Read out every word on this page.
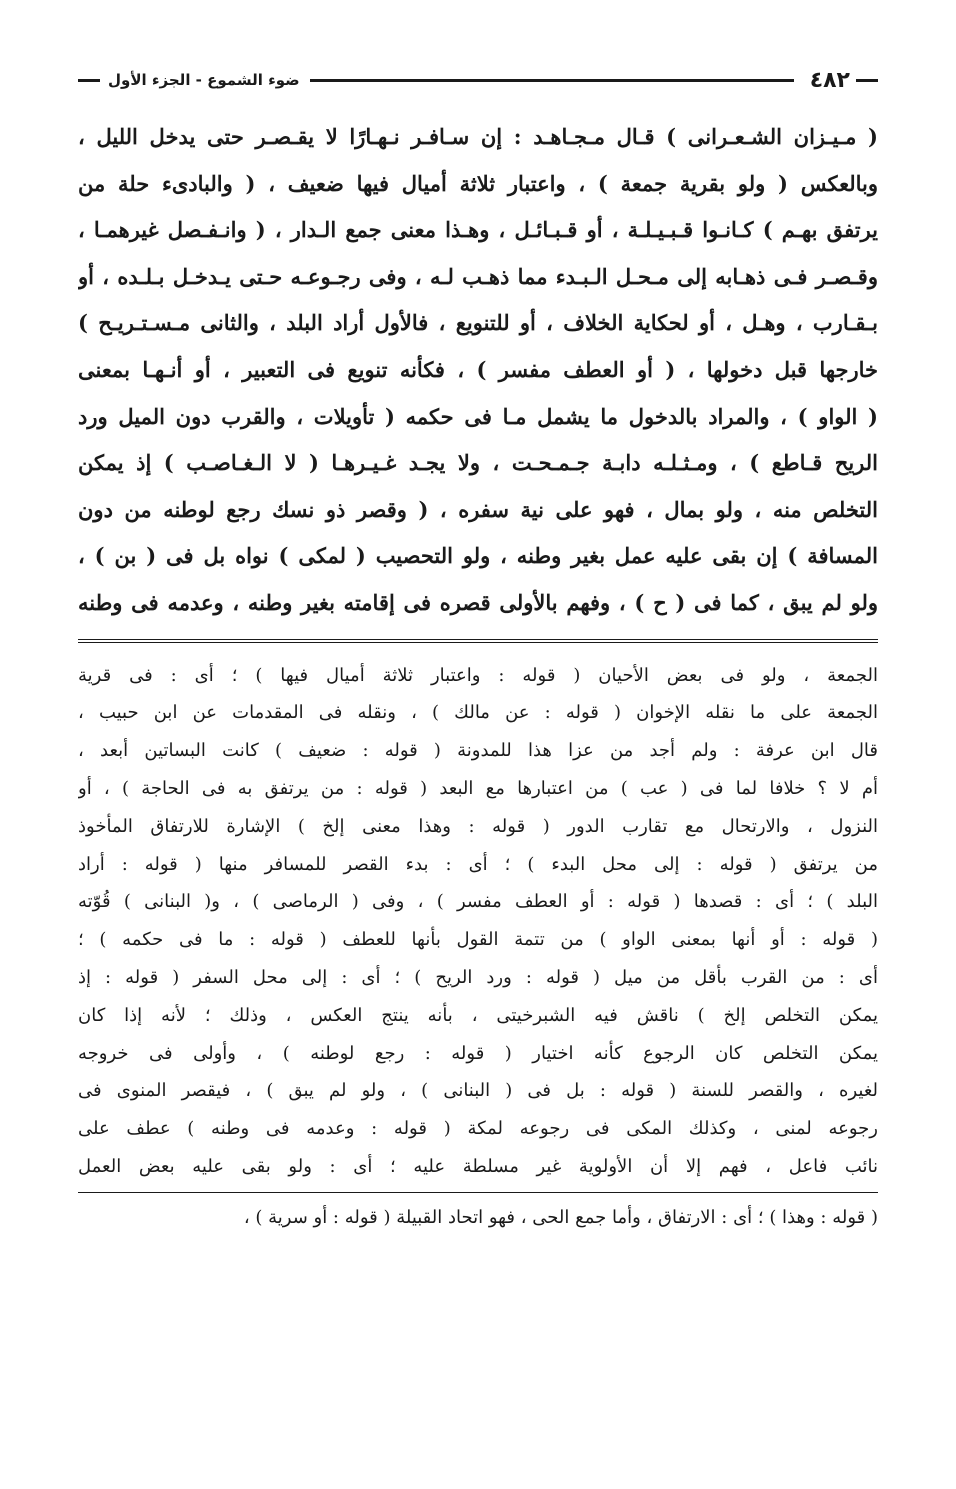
٤٨٢
ضوء الشموع - الجزء الأول
( مـيـزان الشـعـرانى ) قـال مـجـاهـد : إن سـافـر نـهـارًا لا يقـصـر حتى يدخل الليل ،
وبالعكس ( ولو بقرية جمعة ) ، واعتبار ثلاثة أميال فيها ضعيف ، ( والبادىء حلة من
يرتفق بهـم ) كـانـوا قـبـيـلـة ، أو قـبـائـل ، وهـذا معنى جمع الـدار ، ( وانـفـصل غيرهمـا ،
وقـصـر فـى ذهـابه إلى مـحـل الـبـدء مما ذهـب لـه ، وفى رجـوعـه حـتى يـدخـل بـلـده ، أو
بـقـارب ، وهـل ، أو لحكاية الخلاف ، أو للتنويع ، فالأول أراد البلد ، والثانى مـسـتـريـح )
خارجها قبل دخولها ، ( أو العطف مفسر ) ، فكأنه تنويع فى التعبير ، أو أنـهـا بمعنى
( الواو ) ، والمراد بالدخول ما يشمل مـا فى حكمه ( تأويلات ، والقرب دون الميل ورد
الريح قـاطع ) ، ومـثـلـه دابـة جـمـحـت ، ولا يجـد غـيـرهـا ( لا الـغـاصـب ) إذ يمكن
التخلص منه ، ولو بمال ، فهو على نية سفره ، ( وقصر ذو نسك رجع لوطنه من دون
المسافة ) إن بقى عليه عمل بغير وطنه ، ولو التحصيب ( لمكى ) نواه بل فى ( بن ) ،
ولو لم يبق ، كما فى ( ح ) ، وفهم بالأولى قصره فى إقامته بغير وطنه ، وعدمه فى وطنه
الجمعة ، ولو فى بعض الأحيان ( قوله : واعتبار ثلاثة أميال فيها ) ؛ أى : فى قرية
الجمعة على ما نقله الإخوان ( قوله : عن مالك ) ، ونقله فى المقدمات عن ابن حبيب ،
قال ابن عرفة : ولم أجد من عزا هذا للمدونة ( قوله : ضعيف ) كانت البساتين أبعد ،
أم لا ؟ خلافا لما فى ( عب ) من اعتبارها مع البعد ( قوله : من يرتفق به فى الحاجة ) ، أو
النزول ، والارتحال مع تقارب الدور ( قوله : وهذا معنى إلخ ) الإشارة للارتفاق المأخوذ
من يرتفق ( قوله : إلى محل البدء ) ؛ أى : بدء القصر للمسافر منها ( قوله : أراد
البلد ) ؛ أى : قصدها ( قوله : أو العطف مفسر ) ، وفى ( الرماصى ) ، و( البنانى ) قُوّته
( قوله : أو أنها بمعنى الواو ) من تتمة القول بأنها للعطف ( قوله : ما فى حكمه ) ؛
أى : من القرب بأقل من ميل ( قوله : ورد الريح ) ؛ أى : إلى محل السفر ( قوله : إذ
يمكن التخلص إلخ ) ناقش فيه الشبرخيتى ، بأنه ينتج العكس ، وذلك ؛ لأنه إذا كان
يمكن التخلص كان الرجوع كأنه اختيار ( قوله : رجع لوطنه ) ، وأولى فى خروجه
لغيره ، والقصر للسنة ( قوله : بل فى ( البنانى ) ، ولو لم يبق ) ، فيقصر المنوى فى
رجوعه لمنى ، وكذلك المكى فى رجوعه لمكة ( قوله : وعدمه فى وطنه ) عطف على
نائب فاعل ، فهم إلا أن الأولوية غير مسلطة عليه ؛ أى : ولو بقى عليه بعض العمل
( قوله : وهذا ) ؛ أى : الارتفاق ، وأما جمع الحى ، فهو اتحاد القبيلة ( قوله : أو سرية ) ،
